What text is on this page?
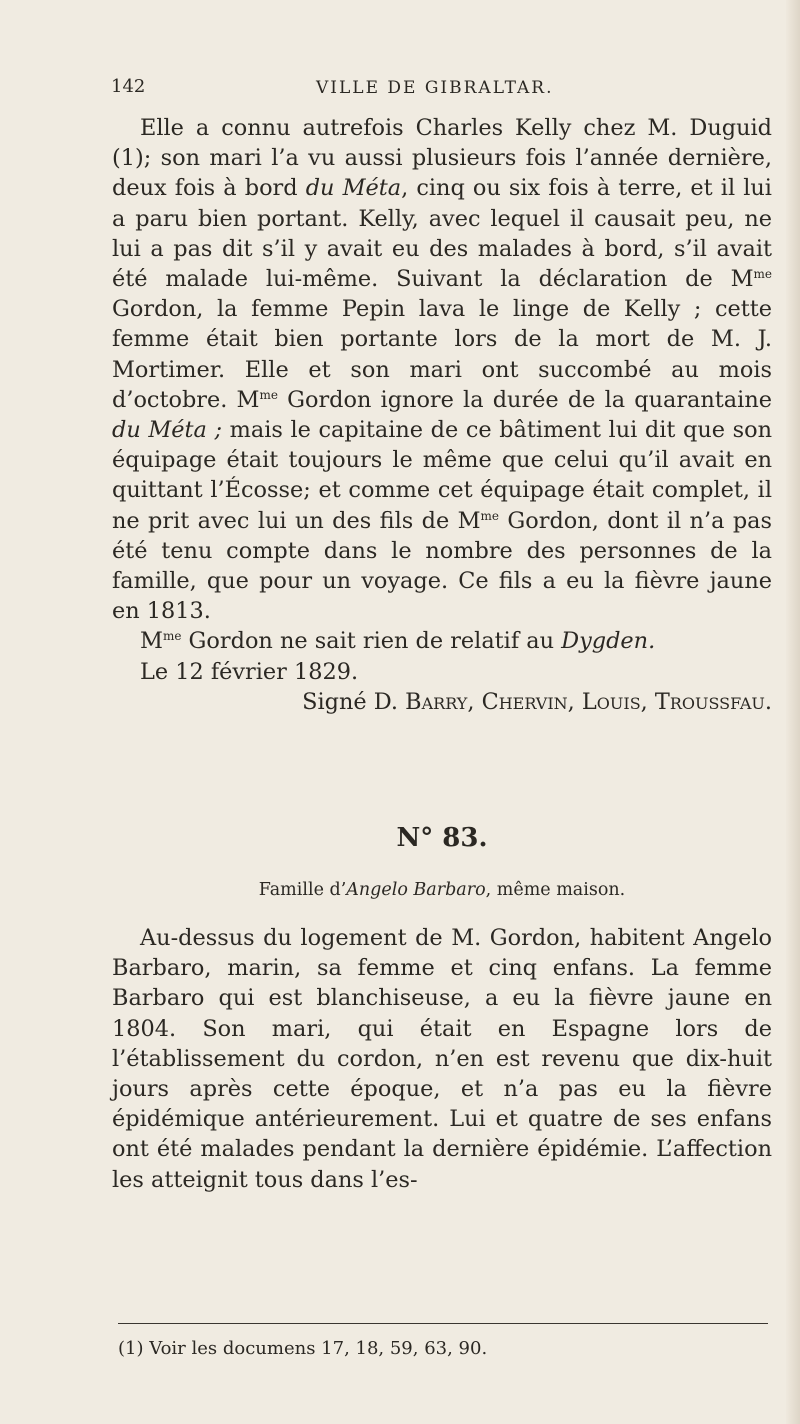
142	VILLE DE GIBRALTAR.

Elle a connu autrefois Charles Kelly chez M. Duguid (1); son mari l’a vu aussi plusieurs fois l’année dernière, deux fois à bord du Méta, cinq ou six fois à terre, et il lui a paru bien portant. Kelly, avec lequel il causait peu, ne lui a pas dit s’il y avait eu des malades à bord, s’il avait été malade lui-même. Suivant la déclaration de $M^{me}$ Gordon, la femme Pepin lava le linge de Kelly ; cette femme était bien portante lors de la mort de M. J. Mortimer. Elle et son mari ont succombé au mois d’octobre. $M^{me}$ Gordon ignore la durée de la quarantaine du Méta ; mais le capitaine de ce bâtiment lui dit que son équipage était toujours le même que celui qu’il avait en quittant l’Écosse; et comme cet équipage était complet, il ne prit avec lui un des fils de $M^{me}$ Gordon, dont il n’a pas été tenu compte dans le nombre des personnes de la famille, que pour un voyage. Ce fils a eu la fièvre jaune en 1813.

$M^{me}$ Gordon ne sait rien de relatif au Dygden.

Le 12 février 1829.

Signé D. Barry, Chervin, Louis, Troussfau.

N° 83.
Famille d’Angelo Barbaro, même maison.

Au-dessus du logement de M. Gordon, habitent Angelo Barbaro, marin, sa femme et cinq enfans. La femme Barbaro qui est blanchiseuse, a eu la fièvre jaune en 1804. Son mari, qui était en Espagne lors de l’établissement du cordon, n’en est revenu que dix-huit jours après cette époque, et n’a pas eu la fièvre épidémique antérieurement. Lui et quatre de ses enfans ont été malades pendant la dernière épidémie. L’affection les atteignit tous dans l’es-

(1) Voir les documens 17, 18, 59, 63, 90.
